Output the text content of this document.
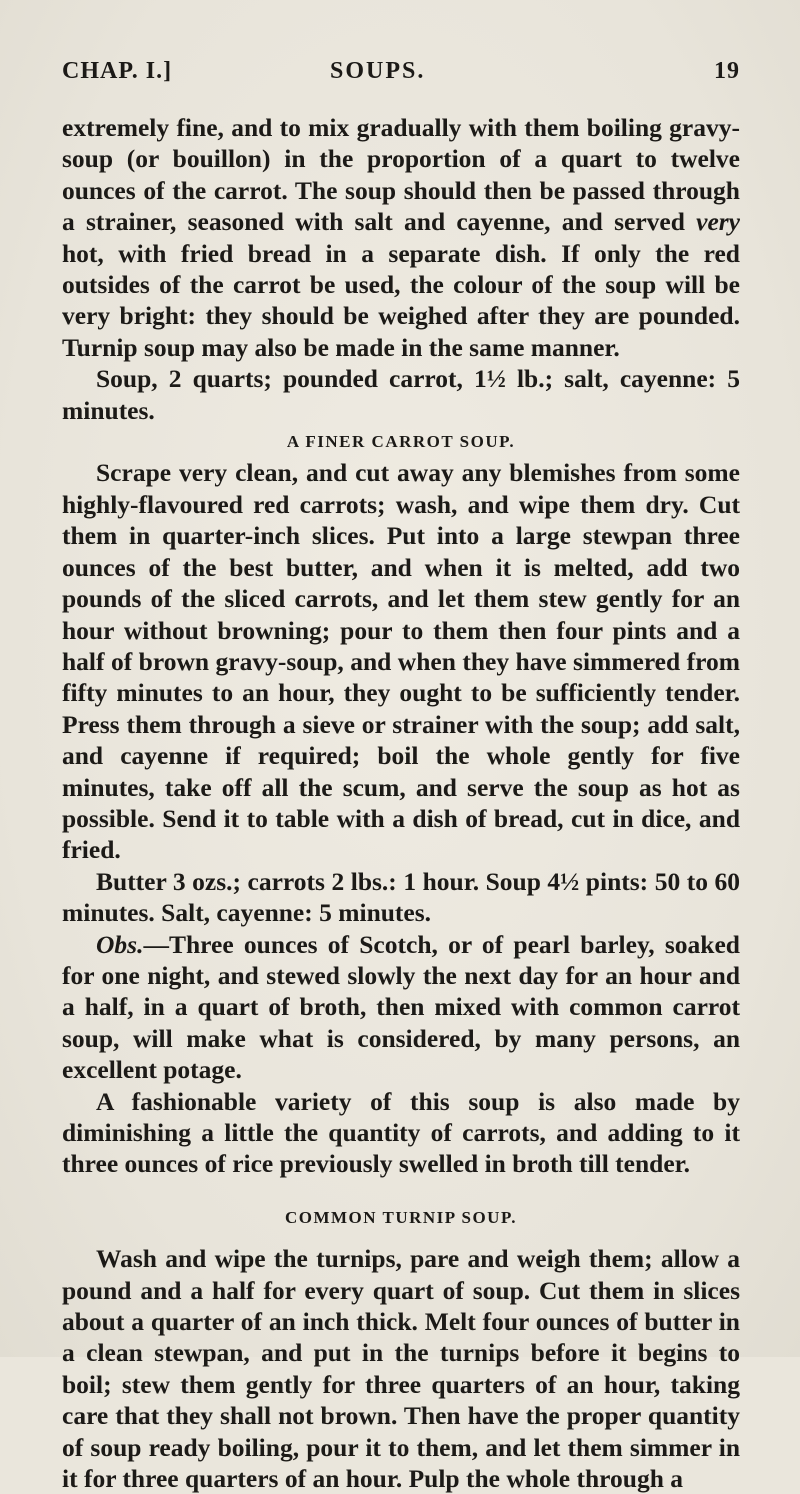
CHAP. I.]	SOUPS.	19

extremely fine, and to mix gradually with them boiling gravy-soup (or bouillon) in the proportion of a quart to twelve ounces of the carrot. The soup should then be passed through a strainer, seasoned with salt and cayenne, and served very hot, with fried bread in a separate dish. If only the red outsides of the carrot be used, the colour of the soup will be very bright: they should be weighed after they are pounded. Turnip soup may also be made in the same manner.

Soup, 2 quarts; pounded carrot, 1½ lb.; salt, cayenne: 5 minutes.

A FINER CARROT SOUP.

Scrape very clean, and cut away any blemishes from some highly-flavoured red carrots; wash, and wipe them dry. Cut them in quarter-inch slices. Put into a large stewpan three ounces of the best butter, and when it is melted, add two pounds of the sliced carrots, and let them stew gently for an hour without browning; pour to them then four pints and a half of brown gravy-soup, and when they have simmered from fifty minutes to an hour, they ought to be sufficiently tender. Press them through a sieve or strainer with the soup; add salt, and cayenne if required; boil the whole gently for five minutes, take off all the scum, and serve the soup as hot as possible. Send it to table with a dish of bread, cut in dice, and fried.

Butter 3 ozs.; carrots 2 lbs.: 1 hour. Soup 4½ pints: 50 to 60 minutes. Salt, cayenne: 5 minutes.

Obs.—Three ounces of Scotch, or of pearl barley, soaked for one night, and stewed slowly the next day for an hour and a half, in a quart of broth, then mixed with common carrot soup, will make what is considered, by many persons, an excellent potage.

A fashionable variety of this soup is also made by diminishing a little the quantity of carrots, and adding to it three ounces of rice previously swelled in broth till tender.

COMMON TURNIP SOUP.

Wash and wipe the turnips, pare and weigh them; allow a pound and a half for every quart of soup. Cut them in slices about a quarter of an inch thick. Melt four ounces of butter in a clean stewpan, and put in the turnips before it begins to boil; stew them gently for three quarters of an hour, taking care that they shall not brown. Then have the proper quantity of soup ready boiling, pour it to them, and let them simmer in it for three quarters of an hour. Pulp the whole through a
